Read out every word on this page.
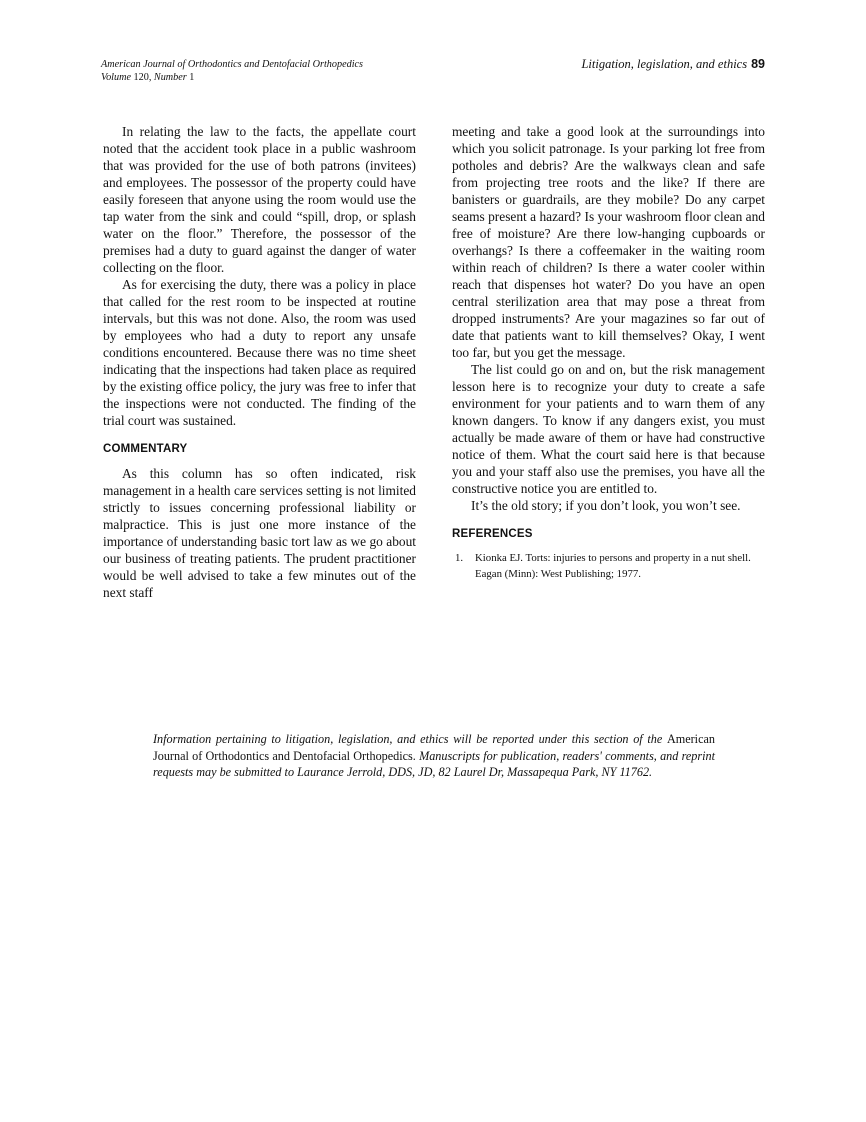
American Journal of Orthodontics and Dentofacial Orthopedics
Volume 120, Number 1
Litigation, legislation, and ethics 89

In relating the law to the facts, the appellate court noted that the accident took place in a public washroom that was provided for the use of both patrons (invitees) and employees. The possessor of the property could have easily foreseen that anyone using the room would use the tap water from the sink and could “spill, drop, or splash water on the floor.” Therefore, the possessor of the premises had a duty to guard against the danger of water collecting on the floor.

As for exercising the duty, there was a policy in place that called for the rest room to be inspected at routine intervals, but this was not done. Also, the room was used by employees who had a duty to report any unsafe conditions encountered. Because there was no time sheet indicating that the inspections had taken place as required by the existing office policy, the jury was free to infer that the inspections were not conducted. The finding of the trial court was sustained.

COMMENTARY

As this column has so often indicated, risk management in a health care services setting is not limited strictly to issues concerning professional liability or malpractice. This is just one more instance of the importance of understanding basic tort law as we go about our business of treating patients. The prudent practitioner would be well advised to take a few minutes out of the next staff

meeting and take a good look at the surroundings into which you solicit patronage. Is your parking lot free from potholes and debris? Are the walkways clean and safe from projecting tree roots and the like? If there are banisters or guardrails, are they mobile? Do any carpet seams present a hazard? Is your washroom floor clean and free of moisture? Are there low-hanging cupboards or overhangs? Is there a coffeemaker in the waiting room within reach of children? Is there a water cooler within reach that dispenses hot water? Do you have an open central sterilization area that may pose a threat from dropped instruments? Are your magazines so far out of date that patients want to kill themselves? Okay, I went too far, but you get the message.

The list could go on and on, but the risk management lesson here is to recognize your duty to create a safe environment for your patients and to warn them of any known dangers. To know if any dangers exist, you must actually be made aware of them or have had constructive notice of them. What the court said here is that because you and your staff also use the premises, you have all the constructive notice you are entitled to.

It’s the old story; if you don’t look, you won’t see.

REFERENCES
1.	Kionka EJ. Torts: injuries to persons and property in a nut shell. Eagan (Minn): West Publishing; 1977.
Information pertaining to litigation, legislation, and ethics will be reported under this section of the American Journal of Orthodontics and Dentofacial Orthopedics. Manuscripts for publication, readers' comments, and reprint requests may be submitted to Laurance Jerrold, DDS, JD, 82 Laurel Dr, Massapequa Park, NY 11762.
